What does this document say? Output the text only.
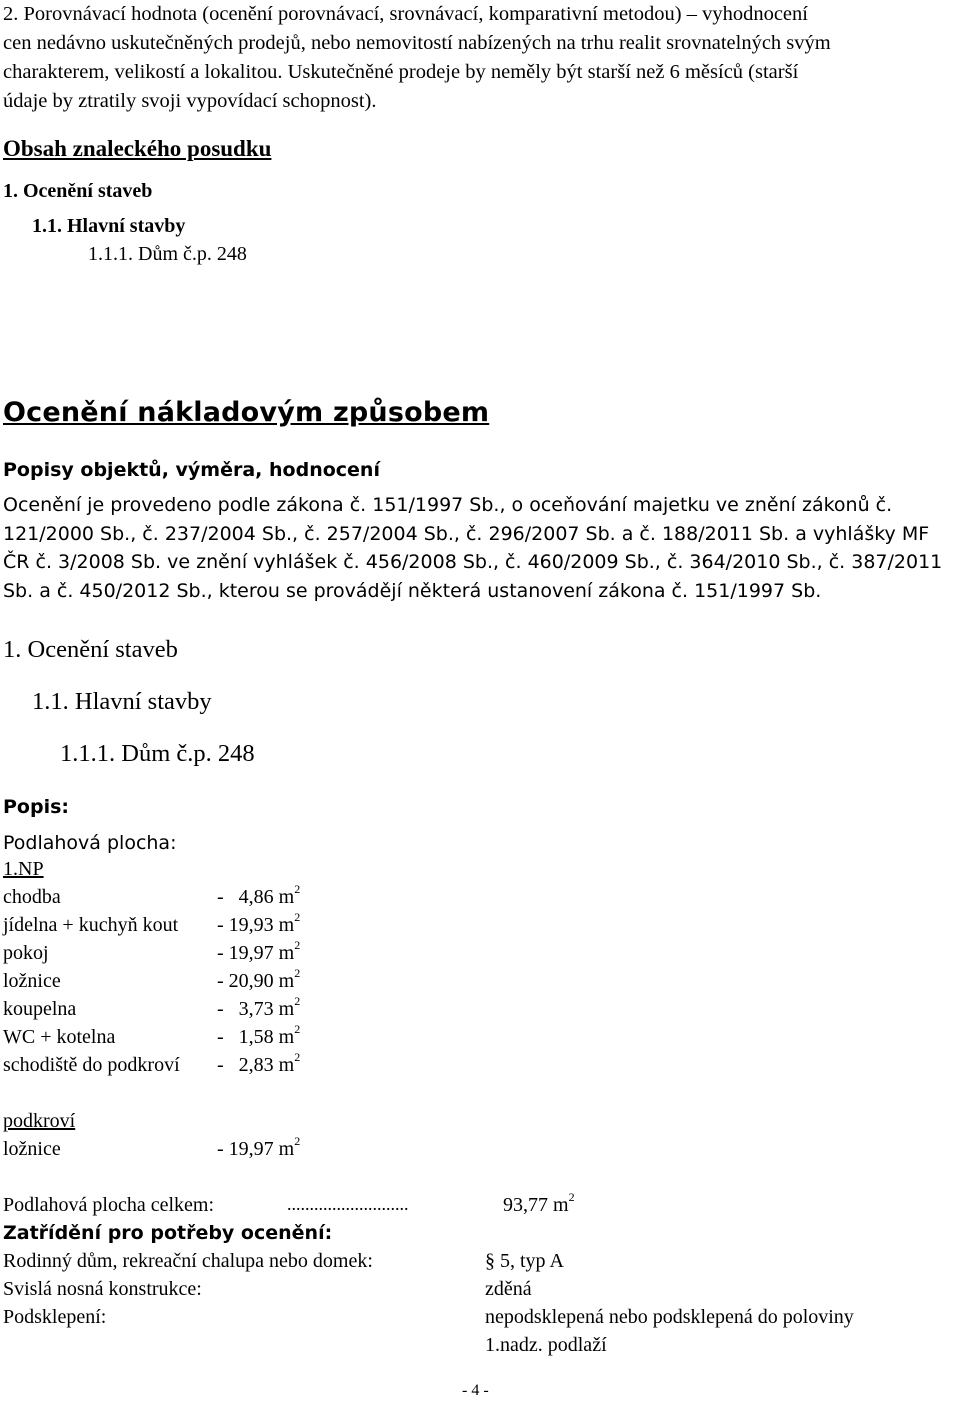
2. Porovnávací hodnota (ocenění porovnávací, srovnávací, komparativní metodou) – vyhodnocení
cen nedávno uskutečněných prodejů, nebo nemovitostí nabízených na trhu realit srovnatelných svým
charakterem, velikostí a lokalitou. Uskutečněné prodeje by neměly být starší než 6 měsíců (starší
údaje by ztratily svoji vypovídací schopnost).
Obsah znaleckého posudku
1. Ocenění staveb
1.1. Hlavní stavby
1.1.1. Dům č.p. 248
Ocenění nákladovým způsobem
Popisy objektů, výměra, hodnocení
Ocenění je provedeno podle zákona č. 151/1997 Sb., o oceňování majetku ve znění zákonů č.
121/2000 Sb., č. 237/2004 Sb., č. 257/2004 Sb., č. 296/2007 Sb. a č. 188/2011 Sb. a vyhlášky MF
ČR č. 3/2008 Sb. ve znění vyhlášek č. 456/2008 Sb., č. 460/2009 Sb., č. 364/2010 Sb., č. 387/2011
Sb. a č. 450/2012 Sb., kterou se provádějí některá ustanovení zákona č. 151/1997 Sb.
1. Ocenění staveb
1.1. Hlavní stavby
1.1.1. Dům č.p. 248
Popis:
Podlahová plocha:
1.NP
chodba	-   4,86 $m^2$
jídelna + kuchyň kout - 19,93 $m^2$
pokoj	- 19,97 $m^2$
ložnice	- 20,90 $m^2$
koupelna	-   3,73 $m^2$
WC + kotelna	-   1,58 $m^2$
schodiště do podkroví -   2,83 $m^2$
podkroví
ložnice	- 19,97 $m^2$
Podlahová plocha celkem:	...........................	93,77 $m^2$
Zatřídění pro potřeby ocenění:
Rodinný dům, rekreační chalupa nebo domek:	§ 5, typ A
Svislá nosná konstrukce:	zděná
Podsklepení:	nepodsklepená nebo podsklepená do poloviny
1.nadz. podlaží
- 4 -
